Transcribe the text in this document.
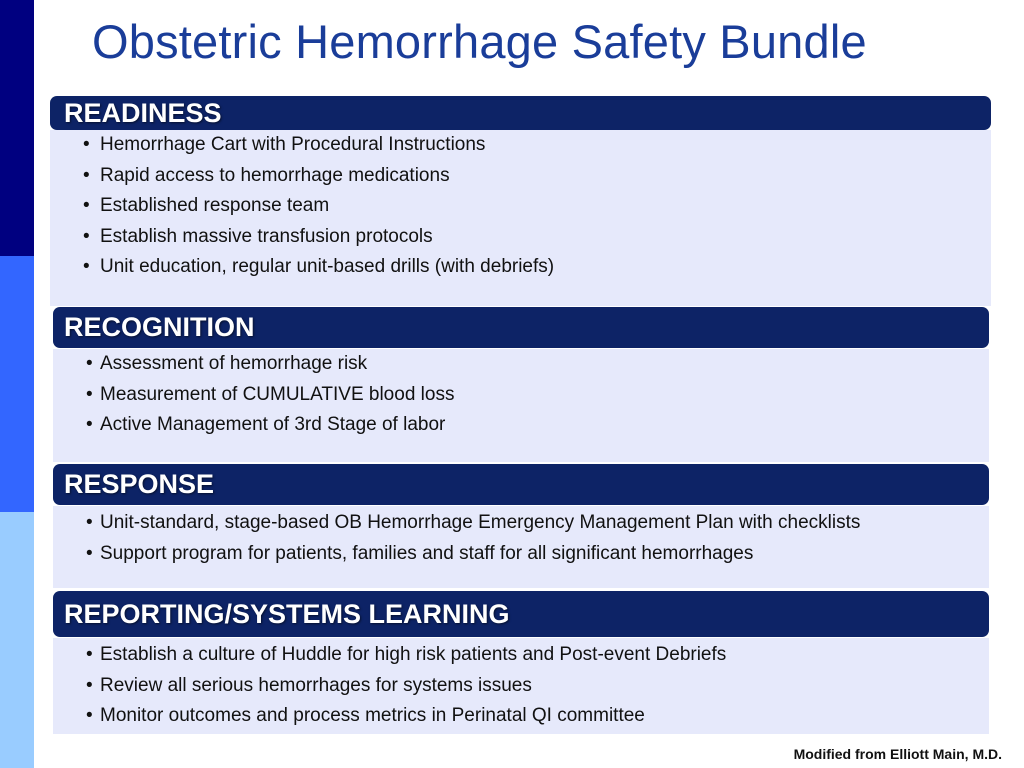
Obstetric Hemorrhage Safety Bundle
• Hemorrhage Cart with Procedural Instructions
• Rapid access to hemorrhage medications
• Established response team
• Establish massive transfusion protocols
• Unit education, regular unit-based drills (with debriefs)
READINESS
• Assessment of hemorrhage risk
• Measurement of CUMULATIVE blood loss
• Active Management of 3rd Stage of labor
RECOGNITION
• Unit-standard, stage-based OB Hemorrhage Emergency Management Plan with checklists
• Support program for patients, families and staff for all significant hemorrhages
RESPONSE
• Establish a culture of Huddle for high risk patients and Post-event Debriefs
• Review all serious hemorrhages for systems issues
• Monitor outcomes and process metrics in Perinatal QI committee
REPORTING/SYSTEMS LEARNING
Modified from Elliott Main, M.D.
